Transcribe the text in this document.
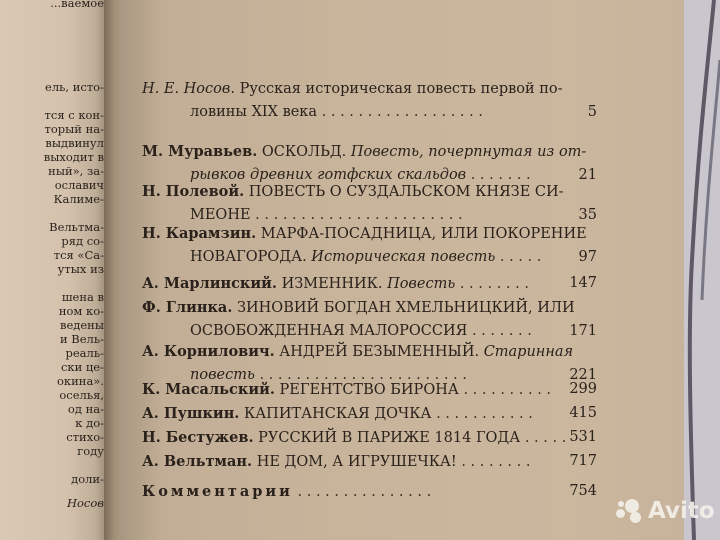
...ваемое
ель, исто-

тся с кон-
торый на-
выдвинул
выходит в
ный», за-
ославич
Калиме-

Вельтма-
ряд со-
тся «Са-
утых из

шена в
ном ко-
ведены
и Вель-
реаль-
ски це-
окина».
оселья,
од на-
к до-
стихо-
году

доли-
Носов
Н. Е. Носов. Русская историческая повесть первой по-
ловины XIX века . . . . . . . . . . . . . . . . . .	5
М. Муравьев. ОСКОЛЬД. Повесть, почерпнутая из от-
рывков древних готфских скальдов . . . . . . .	21
Н. Полевой. ПОВЕСТЬ О СУЗДАЛЬСКОМ КНЯЗЕ СИ-
МЕОНЕ . . . . . . . . . . . . . . . . . . . . . . .	35
Н. Карамзин. МАРФА-ПОСАДНИЦА, ИЛИ ПОКОРЕНИЕ
НОВАГОРОДА. Историческая повесть . . . . .	97
А. Марлинский. ИЗМЕННИК. Повесть . . . . . . . .	147
Ф. Глинка. ЗИНОВИЙ БОГДАН ХМЕЛЬНИЦКИЙ, ИЛИ
ОСВОБОЖДЕННАЯ МАЛОРОССИЯ . . . . . . .	171
А. Корнилович. АНДРЕЙ БЕЗЫМЕННЫЙ. Старинная
повесть . . . . . . . . . . . . . . . . . . . . . . .	221
К. Масальский. РЕГЕНТСТВО БИРОНА . . . . . . . . . . 299
А. Пушкин. КАПИТАНСКАЯ ДОЧКА . . . . . . . . . . .	415
Н. Бестужев. РУССКИЙ В ПАРИЖЕ 1814 ГОДА . . . . . 531
А. Вельтман. НЕ ДОМ, А ИГРУШЕЧКА! . . . . . . . .	717
Комментарии . . . . . . . . . . . . . . .	754
Avito
